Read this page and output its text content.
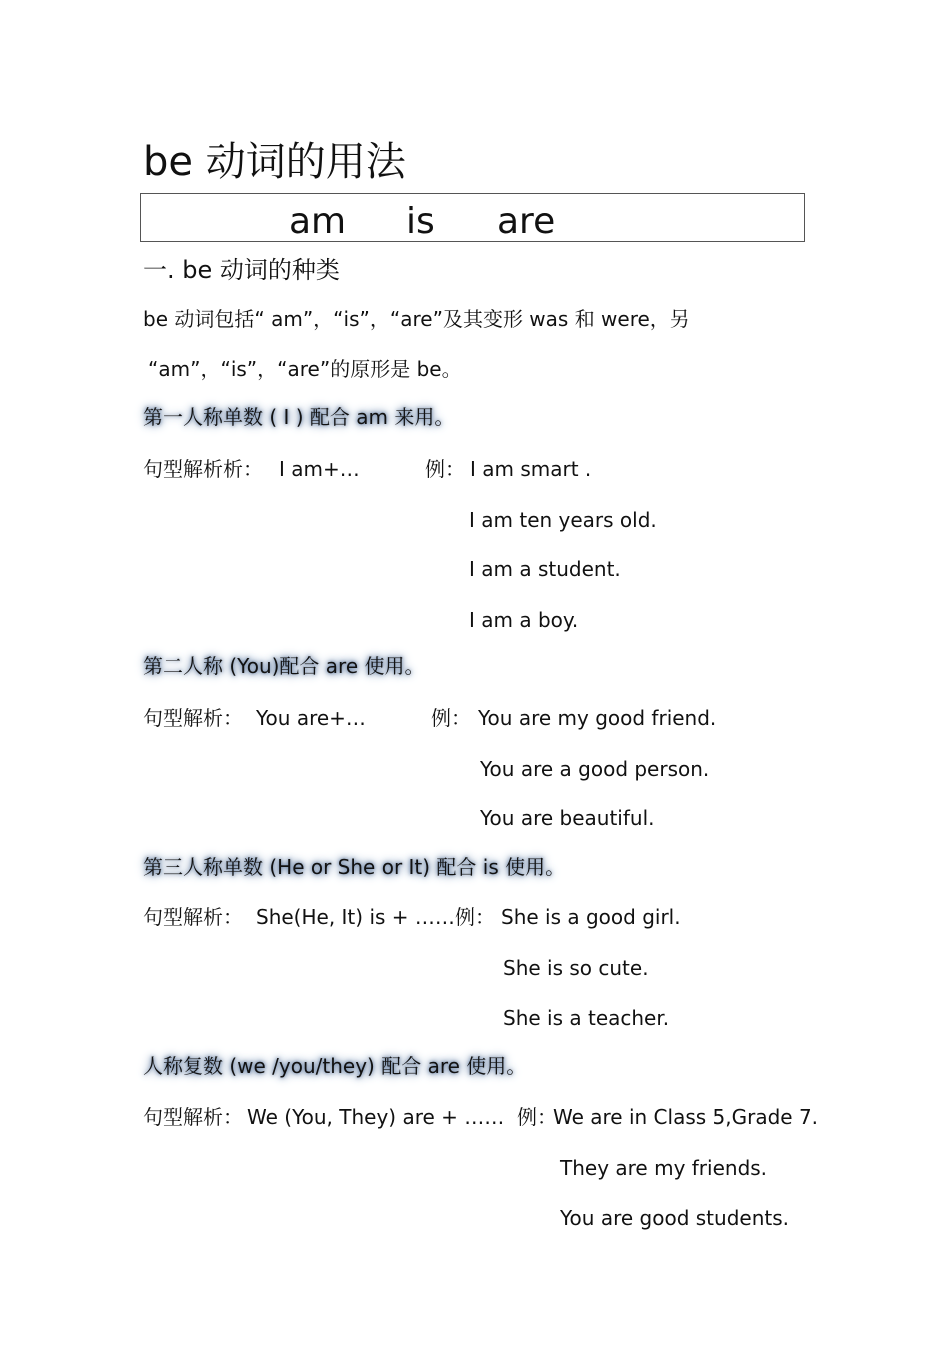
be 动词的用法
am is are
一. be 动词的种类
be 动词包括“ am”，“is”，“are”及其变形 was 和 were，另
“am”，“is”，“are”的原形是 be。
第一人称单数 ( I ) 配合 am 来用。
句型解析析： I am+…	例： I am smart .
I am ten years old.
I am a student.
I am a boy.
第二人称 (You)配合 are 使用。
句型解析： You are+…	例： You are my good friend.
You are a good person.
You are beautiful.
第三人称单数 (He or She or It) 配合 is 使用。
句型解析： She(He, It) is + …… 例： She is a good girl.
She is so cute.
She is a teacher.
人称复数 (we /you/they) 配合 are 使用。
句型解析： We (You, They) are + …… 例：
We are in Class 5,Grade 7.
They are my friends.
You are good students.
